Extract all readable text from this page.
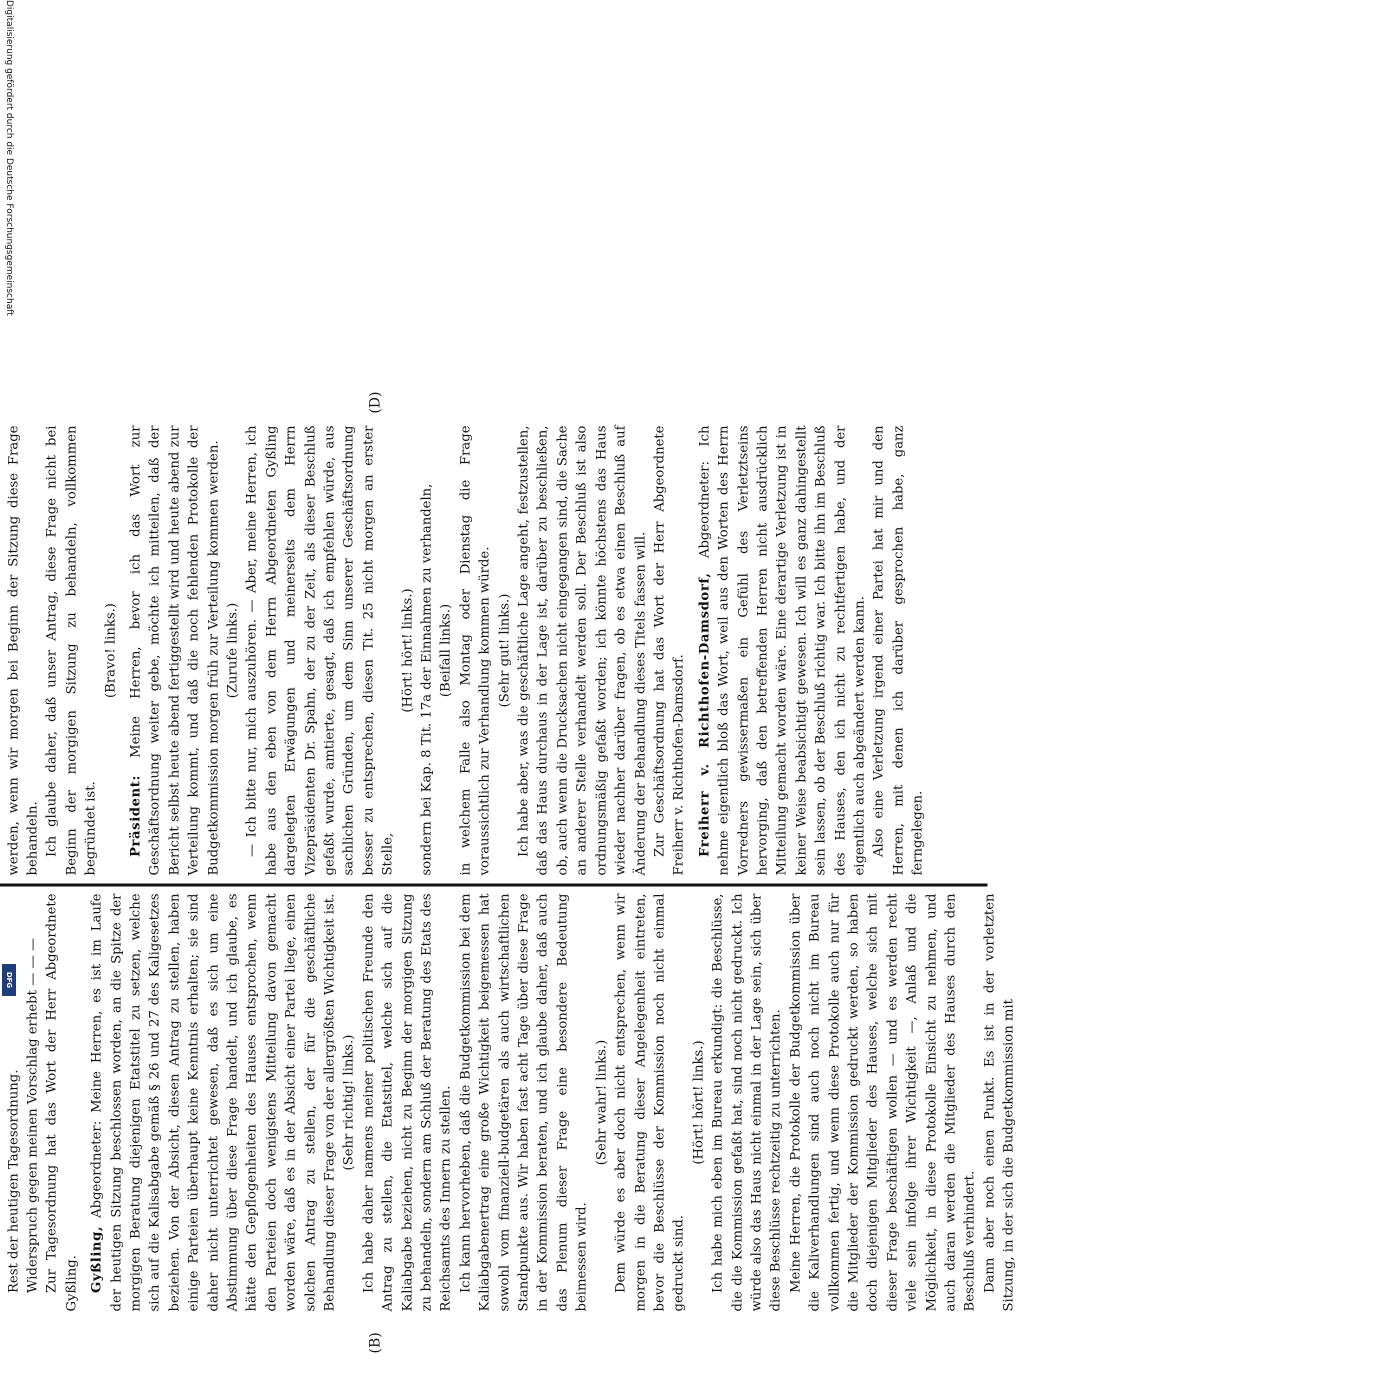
(B)
(D)

Rest der heutigen Tagesordnung. Widerspruch gegen meinen Vorschlag erhebt — — — Zur Tagesordnung hat das Wort der Herr Abgeordnete Gyßling. Gyßling, Abgeordneter: Meine Herren, es ist im Laufe der heutigen Sitzung beschlossen worden, an die Spitze der morgigen Beratung diejenigen Etatstitel zu setzen, welche sich auf die Kalisabgabe gemäß § 26 und 27 des Kaligesetzes beziehen. Von der Absicht, diesen Antrag zu stellen, haben einige Parteien überhaupt keine Kenntnis erhalten; sie sind daher nicht unterrichtet gewesen, daß es sich um eine Abstimmung über diese Frage handelt, und ich glaube, es hätte den Gepflogenheiten des Hauses entsprochen, wenn den Parteien doch wenigstens Mitteilung davon gemacht worden wäre, daß es in der Absicht einer Partei liege, einen solchen Antrag zu stellen, der für die geschäftliche Behandlung dieser Frage von der allergrößten Wichtigkeit ist. (Sehr richtig! links.) Ich habe daher namens meiner politischen Freunde den Antrag zu stellen, die Etatstitel, welche sich auf die Kaliabgabe beziehen, nicht zu Beginn der morgigen Sitzung zu behandeln, sondern am Schluß der Beratung des Etats des Reichsamts des Innern zu stellen. Ich kann hervorheben, daß die Budgetkommission bei dem Kaliabgabenertrag eine große Wichtigkeit beigemessen hat sowohl vom finanziell-budgetären als auch wirtschaftlichen Standpunkte aus. Wir haben fast acht Tage über diese Frage in der Kommission beraten, und ich glaube daher, daß auch das Plenum dieser Frage eine besondere Bedeutung beimessen wird.

(Sehr wahr! links.) Dem würde es aber doch nicht entsprechen, wenn wir morgen in die Beratung dieser Angelegenheit eintreten, bevor die Beschlüsse der Kommission noch nicht einmal gedruckt sind.

(Hört! hört! links.) Ich habe mich eben im Bureau erkundigt: die Beschlüsse, die die Kommission gefaßt hat, sind noch nicht gedruckt. Ich würde also das Haus nicht einmal in der Lage sein, sich über diese Beschlüsse rechtzeitig zu unterrichten. Meine Herren, die Protokolle der Budgetkommission über die Kaliverhandlungen sind auch noch nicht im Bureau vollkommen fertig, und wenn diese Protokolle auch nur für die Mitglieder der Kommission gedruckt werden, so haben doch diejenigen Mitglieder des Hauses, welche sich mit dieser Frage beschäftigen wollen — und es werden recht viele sein infolge ihrer Wichtigkeit —, Anlaß und die Möglichkeit, in diese Protokolle Einsicht zu nehmen, und auch daran werden die Mitglieder des Hauses durch den Beschluß verhindert. Dann aber noch einen Punkt. Es ist in der vorletzten Sitzung, in der sich die Budgetkommission mit

werden, wenn wir morgen bei Beginn der Sitzung diese Frage behandeln. Ich glaube daher, daß unser Antrag, diese Frage nicht bei Beginn der morgigen Sitzung zu behandeln, vollkommen begründet ist.

(Bravo! links.)

Präsident: Meine Herren, bevor ich das Wort zur Geschäftsordnung weiter gebe, möchte ich mitteilen, daß der Bericht selbst heute abend fertiggestellt wird und heute abend zur Verteilung kommt, und daß die noch fehlenden Protokolle der Budgetkommission morgen früh zur Verteilung kommen werden. (Zurufe links.) — Ich bitte nur, mich auszuhören. — Aber, meine Herren, ich habe aus den eben von dem Herrn Abgeordneten Gyßling dargelegten Erwägungen und meinerseits dem Herrn Vizepräsidenten Dr. Spahn, der zu der Zeit, als dieser Beschluß gefaßt wurde, amtierte, gesagt, daß ich empfehlen würde, aus sachlichen Gründen, um dem Sinn unserer Geschäftsordnung besser zu entsprechen, diesen Tit. 25 nicht morgen an erster Stelle,

(Hört! hört! links.) sondern bei Kap. 8 Tit. 17a der Einnahmen zu verhandeln, (Beifall links.) in welchem Falle also Montag oder Dienstag die Frage voraussichtlich zur Verhandlung kommen würde. (Sehr gut! links.) Ich habe aber, was die geschäftliche Lage angeht, festzustellen, daß das Haus durchaus in der Lage ist, darüber zu beschließen, ob, auch wenn die Drucksachen nicht eingegangen sind, die Sache an anderer Stelle verhandelt werden soll. Der Beschluß ist also ordnungsmäßig gefaßt worden; ich könnte höchstens das Haus wieder nachher darüber fragen, ob es etwa einen Beschluß auf Änderung der Behandlung dieses Titels fassen will. Zur Geschäftsordnung hat das Wort der Herr Abgeordnete Freiherr v. Richthofen-Damsdorf. Freiherr v. Richthofen-Damsdorf, Abgeordneter: Ich nehme eigentlich bloß das Wort, weil aus den Worten des Herrn Vorredners gewissermaßen ein Gefühl des Verletztseins hervorging, daß den betreffenden Herren nicht ausdrücklich Mitteilung gemacht worden wäre. Eine derartige Verletzung ist in keiner Weise beabsichtigt gewesen. Ich will es ganz dahingestellt sein lassen, ob der Beschluß richtig war. Ich bitte ihn im Beschluß des Hauses, den ich nicht zu rechtfertigen habe, und der eigentlich auch abgeändert werden kann. Also eine Verletzung irgend einer Partei hat mir und den Herren, mit denen ich darüber gesprochen habe, ganz ferngelegen.

Digitalisierung gefördert durch die Deutsche Forschungsgemeinschaft
DFG
